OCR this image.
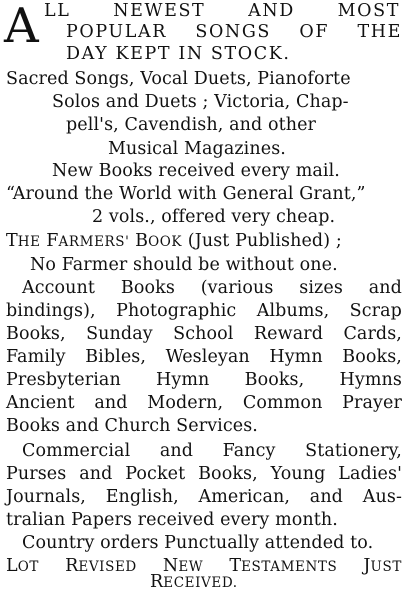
A LL NEWEST AND MOST
POPULAR SONGS OF THE
DAY KEPT IN STOCK.
Sacred Songs, Vocal Duets, Pianoforte
Solos and Duets ; Victoria, Chap-
pell's, Cavendish, and other
Musical Magazines.
New Books received every mail.
“Around the World with General Grant,”
2 vols., offered very cheap.
THE FARMERS' BOOK (Just Published) ;
No Farmer should be without one.
Account Books (various sizes and
bindings), Photographic Albums, Scrap
Books, Sunday School Reward Cards,
Family Bibles, Wesleyan Hymn Books,
Presbyterian Hymn Books, Hymns
Ancient and Modern, Common Prayer
Books and Church Services.
Commercial and Fancy Stationery,
Purses and Pocket Books, Young Ladies'
Journals, English, American, and Aus-
tralian Papers received every month.
Country orders Punctually attended to.
LOT REVISED NEW TESTAMENTS JUST
RECEIVED.
